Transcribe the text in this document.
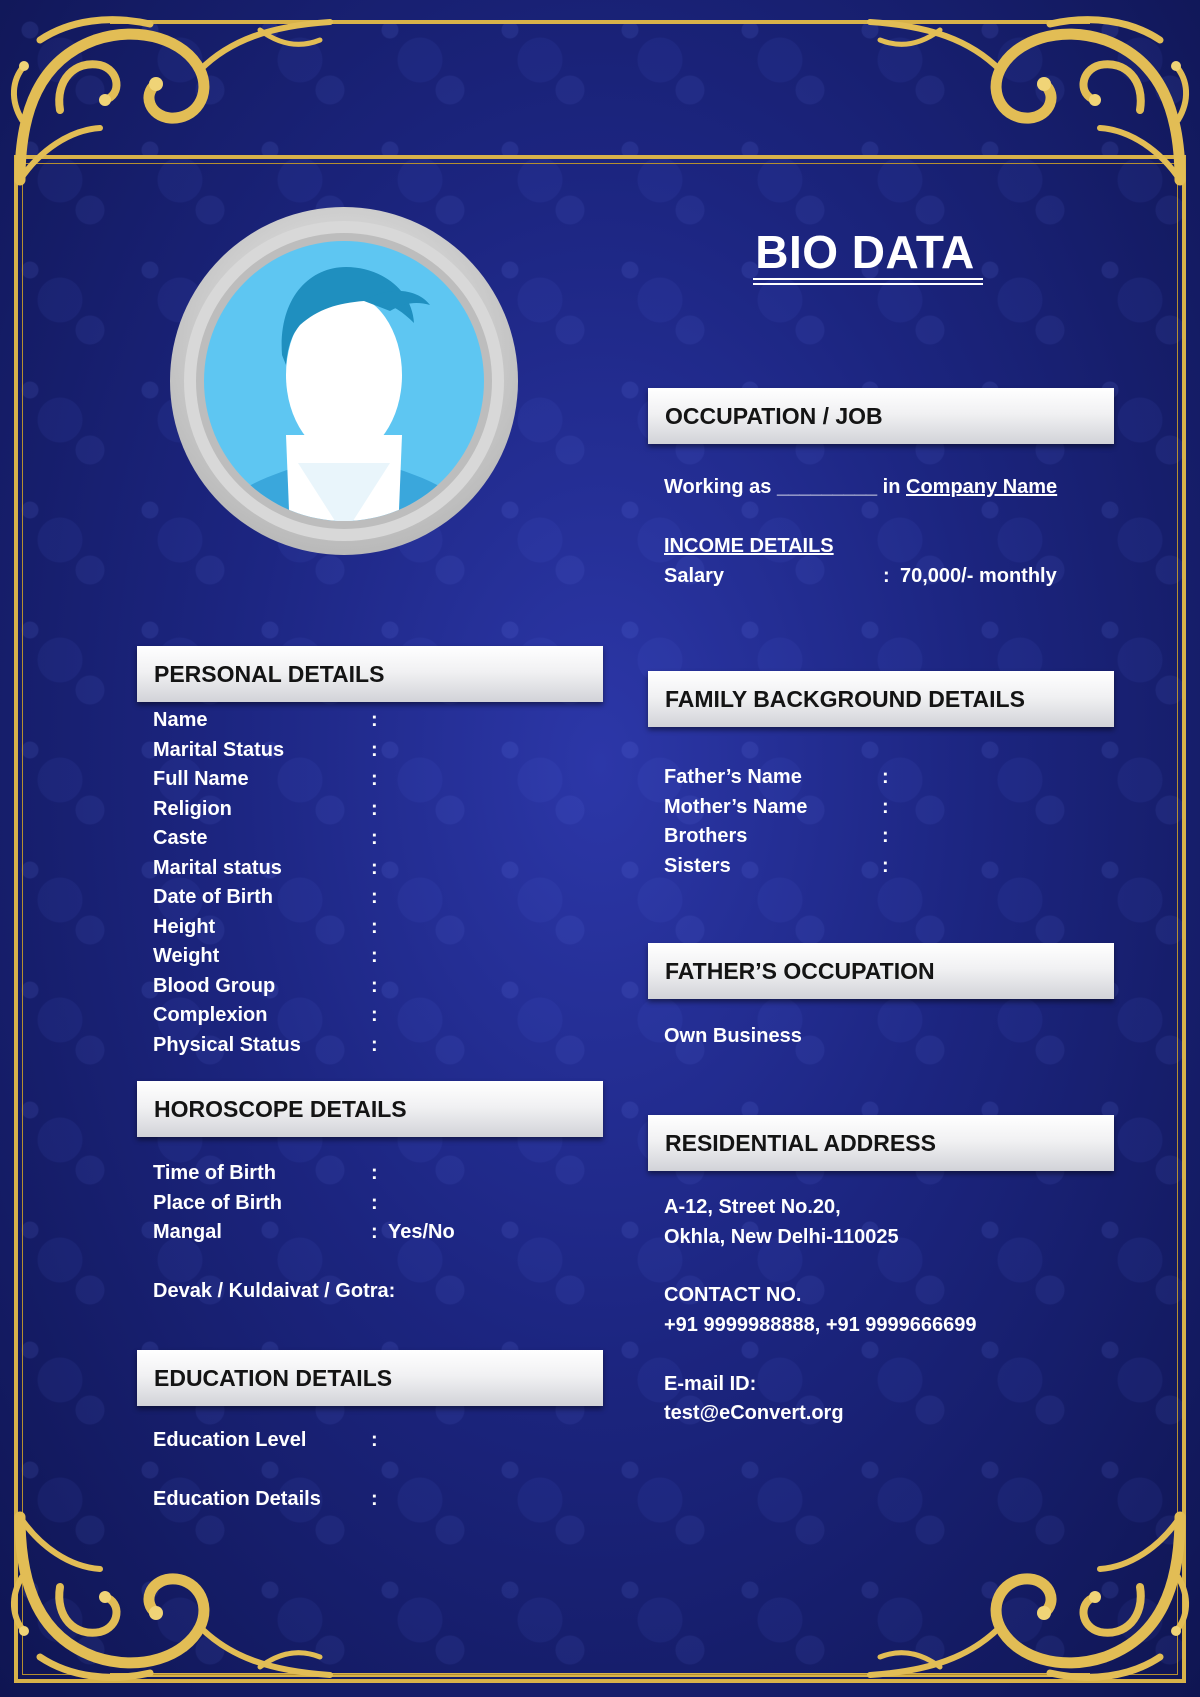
BIO DATA
OCCUPATION / JOB
Working as _________ in Company Name
INCOME DETAILS
Salary	: 70,000/- monthly
PERSONAL DETAILS
Name	:
Marital Status	:
Full Name	:
Religion	:
Caste	:
Marital status	:
Date of Birth	:
Height	:
Weight	:
Blood Group	:
Complexion	:
Physical Status	:
FAMILY BACKGROUND DETAILS
Father’s Name	:
Mother’s Name	:
Brothers	:
Sisters	:
FATHER’S OCCUPATION
Own Business
HOROSCOPE DETAILS
Time of Birth	:
Place of Birth	:
Mangal	: Yes/No
Devak / Kuldaivat / Gotra:
RESIDENTIAL ADDRESS
A-12, Street No.20,
Okhla, New Delhi-110025
CONTACT NO.
+91 9999988888, +91 9999666699
E-mail ID:
test@eConvert.org
EDUCATION DETAILS
Education Level	:
Education Details	:
